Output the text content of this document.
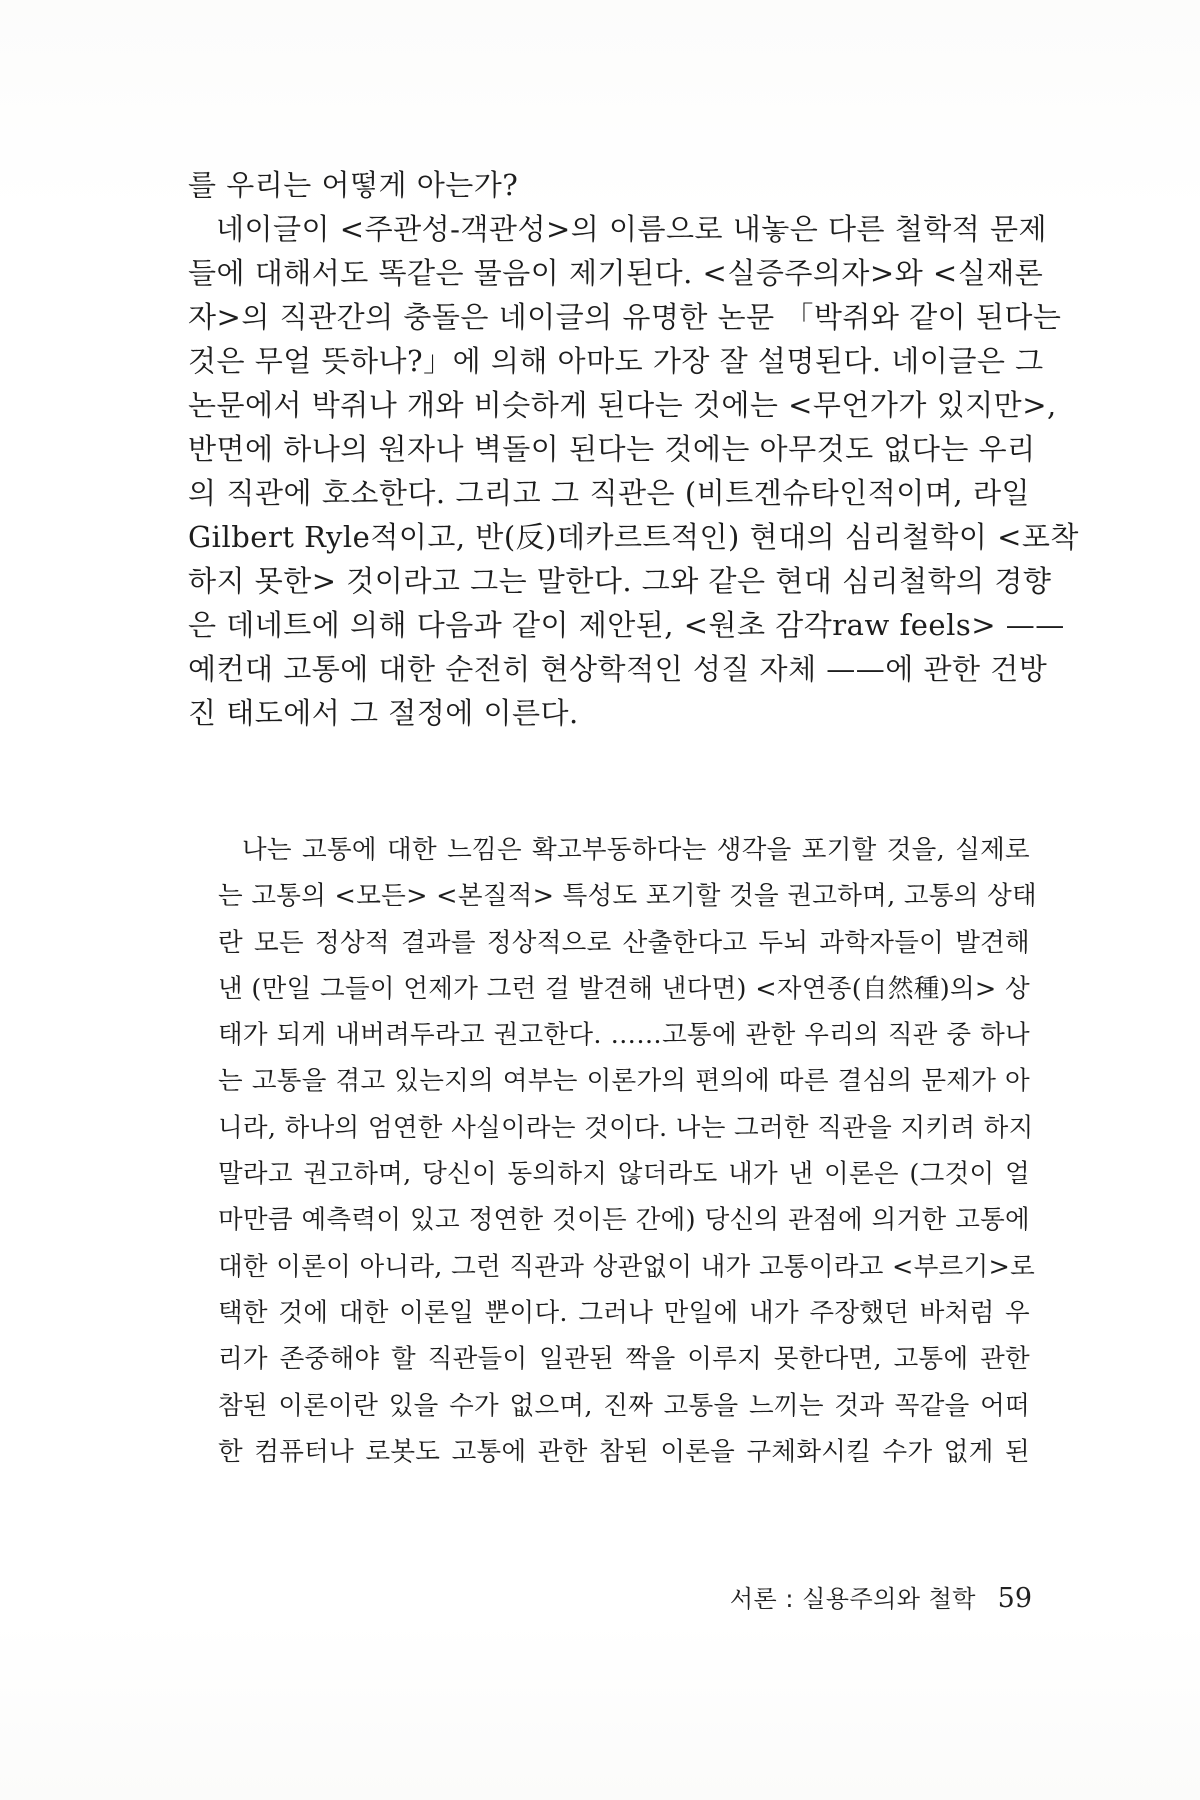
를 우리는 어떻게 아는가?
네이글이 <주관성-객관성>의 이름으로 내놓은 다른 철학적 문제
들에 대해서도 똑같은 물음이 제기된다. <실증주의자>와 <실재론
자>의 직관간의 충돌은 네이글의 유명한 논문 「박쥐와 같이 된다는
것은 무얼 뜻하나?」에 의해 아마도 가장 잘 설명된다. 네이글은 그
논문에서 박쥐나 개와 비슷하게 된다는 것에는 <무언가가 있지만>,
반면에 하나의 원자나 벽돌이 된다는 것에는 아무것도 없다는 우리
의 직관에 호소한다. 그리고 그 직관은 (비트겐슈타인적이며, 라일
Gilbert Ryle적이고, 반(反)데카르트적인) 현대의 심리철학이 <포착
하지 못한> 것이라고 그는 말한다. 그와 같은 현대 심리철학의 경향
은 데네트에 의해 다음과 같이 제안된, <원초 감각raw feels> ——
예컨대 고통에 대한 순전히 현상학적인 성질 자체 ——에 관한 건방
진 태도에서 그 절정에 이른다.
나는 고통에 대한 느낌은 확고부동하다는 생각을 포기할 것을, 실제로
는 고통의 <모든> <본질적> 특성도 포기할 것을 권고하며, 고통의 상태
란 모든 정상적 결과를 정상적으로 산출한다고 두뇌 과학자들이 발견해
낸 (만일 그들이 언제가 그런 걸 발견해 낸다면) <자연종(自然種)의> 상
태가 되게 내버려두라고 권고한다. ……고통에 관한 우리의 직관 중 하나
는 고통을 겪고 있는지의 여부는 이론가의 편의에 따른 결심의 문제가 아
니라, 하나의 엄연한 사실이라는 것이다. 나는 그러한 직관을 지키려 하지
말라고 권고하며, 당신이 동의하지 않더라도 내가 낸 이론은 (그것이 얼
마만큼 예측력이 있고 정연한 것이든 간에) 당신의 관점에 의거한 고통에
대한 이론이 아니라, 그런 직관과 상관없이 내가 고통이라고 <부르기>로
택한 것에 대한 이론일 뿐이다. 그러나 만일에 내가 주장했던 바처럼 우
리가 존중해야 할 직관들이 일관된 짝을 이루지 못한다면, 고통에 관한
참된 이론이란 있을 수가 없으며, 진짜 고통을 느끼는 것과 꼭같을 어떠
한 컴퓨터나 로봇도 고통에 관한 참된 이론을 구체화시킬 수가 없게 된
서론 : 실용주의와 철학 59
